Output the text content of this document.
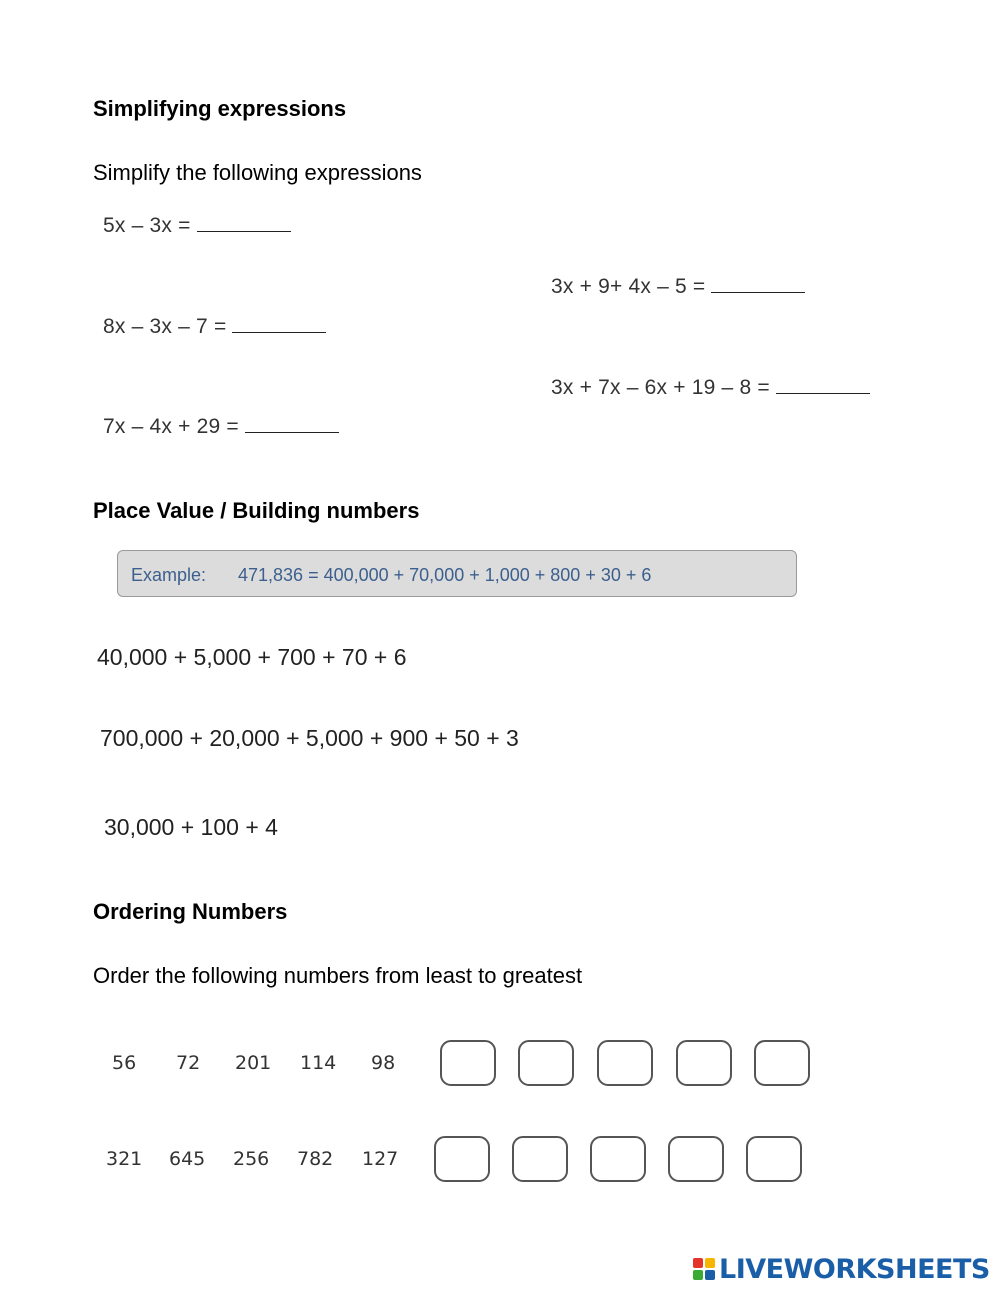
Simplifying expressions
Simplify the following expressions
5x – 3x =
3x + 9+ 4x – 5 =
8x – 3x – 7 =
3x + 7x – 6x + 19 – 8 =
7x – 4x + 29 =
Place Value / Building numbers
Example: 471,836 = 400,000 + 70,000 + 1,000 + 800 + 30 + 6
40,000 + 5,000 + 700 + 70 + 6
700,000 + 20,000 + 5,000 + 900 + 50 + 3
30,000 + 100 + 4
Ordering Numbers
Order the following numbers from least to greatest
56 72 201 114 98
321 645 256 782 127
LIVEWORKSHEETS
